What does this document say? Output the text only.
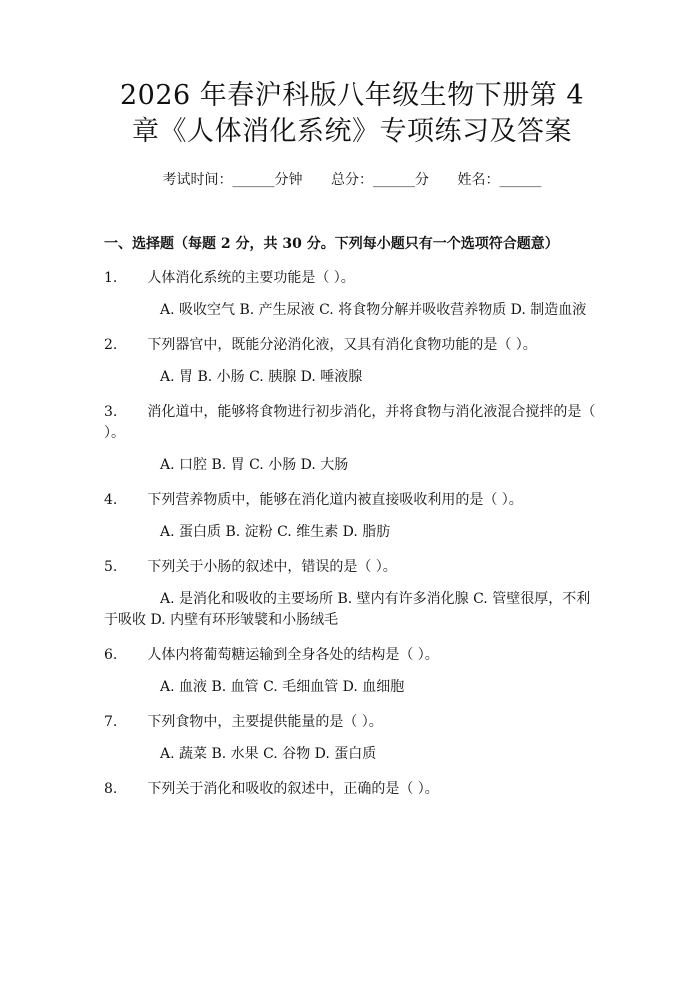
2026 年春沪科版八年级生物下册第 4 章《人体消化系统》专项练习及答案
考试时间：______分钟 总分：______分 姓名：______
一、选择题（每题 2 分，共 30 分。下列每小题只有一个选项符合题意）
1. 人体消化系统的主要功能是（ ）。
A. 吸收空气 B. 产生尿液 C. 将食物分解并吸收营养物质 D. 制造血液
2. 下列器官中，既能分泌消化液，又具有消化食物功能的是（ ）。
A. 胃 B. 小肠 C. 胰腺 D. 唾液腺
3. 消化道中，能够将食物进行初步消化，并将食物与消化液混合搅拌的是（ ）。
A. 口腔 B. 胃 C. 小肠 D. 大肠
4. 下列营养物质中，能够在消化道内被直接吸收利用的是（ ）。
A. 蛋白质 B. 淀粉 C. 维生素 D. 脂肪
5. 下列关于小肠的叙述中，错误的是（ ）。
A. 是消化和吸收的主要场所 B. 壁内有许多消化腺 C. 管壁很厚，不利于吸收 D. 内壁有环形皱襞和小肠绒毛
6. 人体内将葡萄糖运输到全身各处的结构是（ ）。
A. 血液 B. 血管 C. 毛细血管 D. 血细胞
7. 下列食物中，主要提供能量的是（ ）。
A. 蔬菜 B. 水果 C. 谷物 D. 蛋白质
8. 下列关于消化和吸收的叙述中，正确的是（ ）。
